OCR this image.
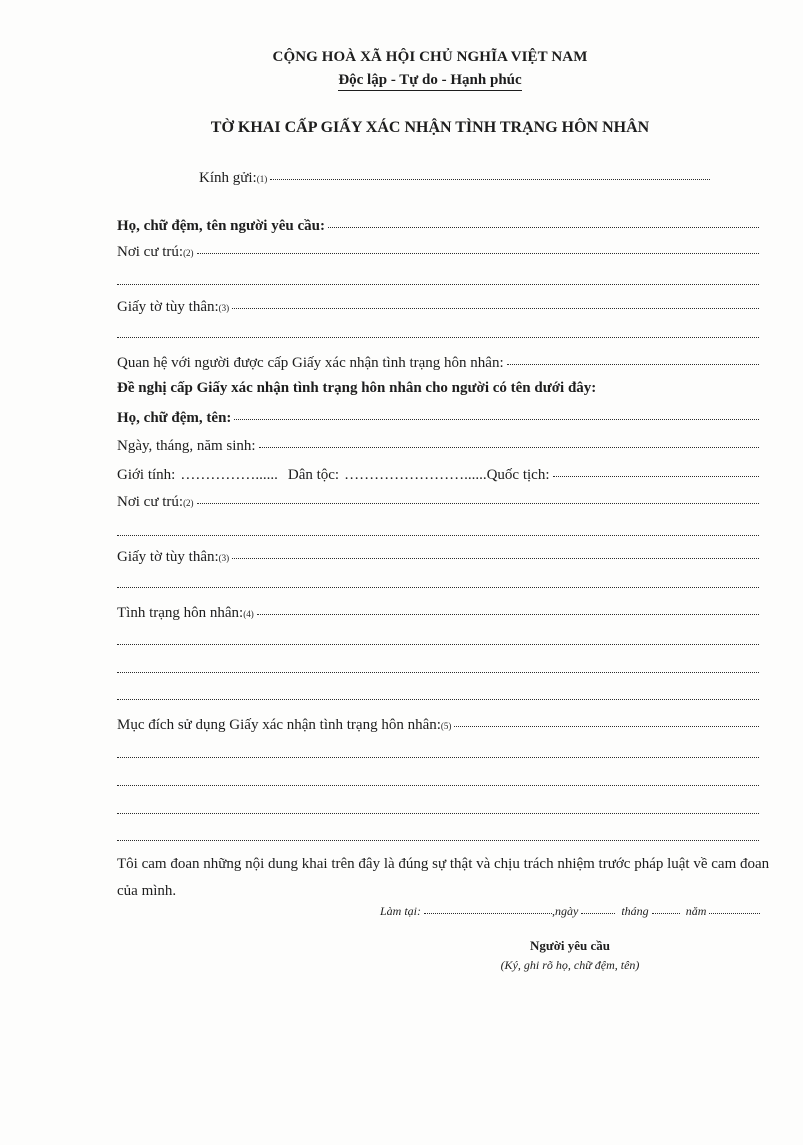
CỘNG HOÀ XÃ HỘI CHỦ NGHĨA VIỆT NAM
Độc lập - Tự do - Hạnh phúc
TỜ KHAI CẤP GIẤY XÁC NHẬN TÌNH TRẠNG HÔN NHÂN
Kính gửi: (1)
Họ, chữ đệm, tên người yêu cầu:
Nơi cư trú: (2)
Giấy tờ tùy thân: (3)
Quan hệ với người được cấp Giấy xác nhận tình trạng hôn nhân:
Đề nghị cấp Giấy xác nhận tình trạng hôn nhân cho người có tên dưới đây:
Họ, chữ đệm, tên:
Ngày, tháng, năm sinh:
Giới tính: ……………...... Dân tộc: ……………………...... Quốc tịch:
Nơi cư trú: (2)
Giấy tờ tùy thân: (3)
Tình trạng hôn nhân: (4)
Mục đích sử dụng Giấy xác nhận tình trạng hôn nhân: (5)
Tôi cam đoan những nội dung khai trên đây là đúng sự thật và chịu trách nhiệm trước pháp luật về cam đoan của mình.
Làm tại:	,ngày	tháng	năm
Người yêu cầu
(Ký, ghi rõ họ, chữ đệm, tên)
